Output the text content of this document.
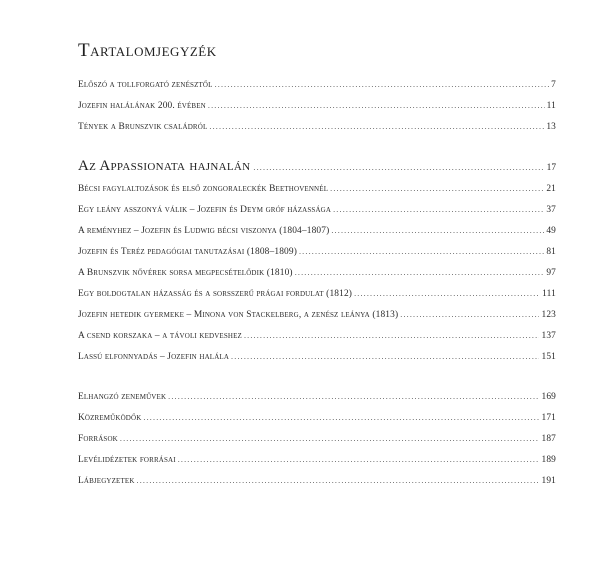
Tartalomjegyzék
Előszó a tollforgató zenésztől .....	7
Jozefin halálának 200. évében .....	11
Tények a Brunszvik családról .....	13
Az Appassionata hajnalán .....	17
Bécsi fagylaltozások és első zongoraleckék Beethovennél .....	21
Egy leány asszonyá válik – Jozefin és Deym gróf házassága .....	37
A reményhez – Jozefin és Ludwig bécsi viszonya (1804–1807) .....	49
Jozefin és Teréz pedagógiai tanutazásai (1808–1809) .....	81
A Brunszvik nővérek sorsa megpecsételődik (1810) .....	97
Egy boldogtalan házasság és a sorsszerű prágai fordulat (1812) .....	111
Jozefin hetedik gyermeke – Minona von Stackelberg, a zenész leánya (1813) .....	123
A csend korszaka – a távoli kedveshez .....	137
Lassú elfonnyadás – Jozefin halála .....	151
Elhangzó zeneművek .....	169
Közreműködők .....	171
Források .....	187
Levélidézetek forrásai .....	189
Lábjegyzetek .....	191
